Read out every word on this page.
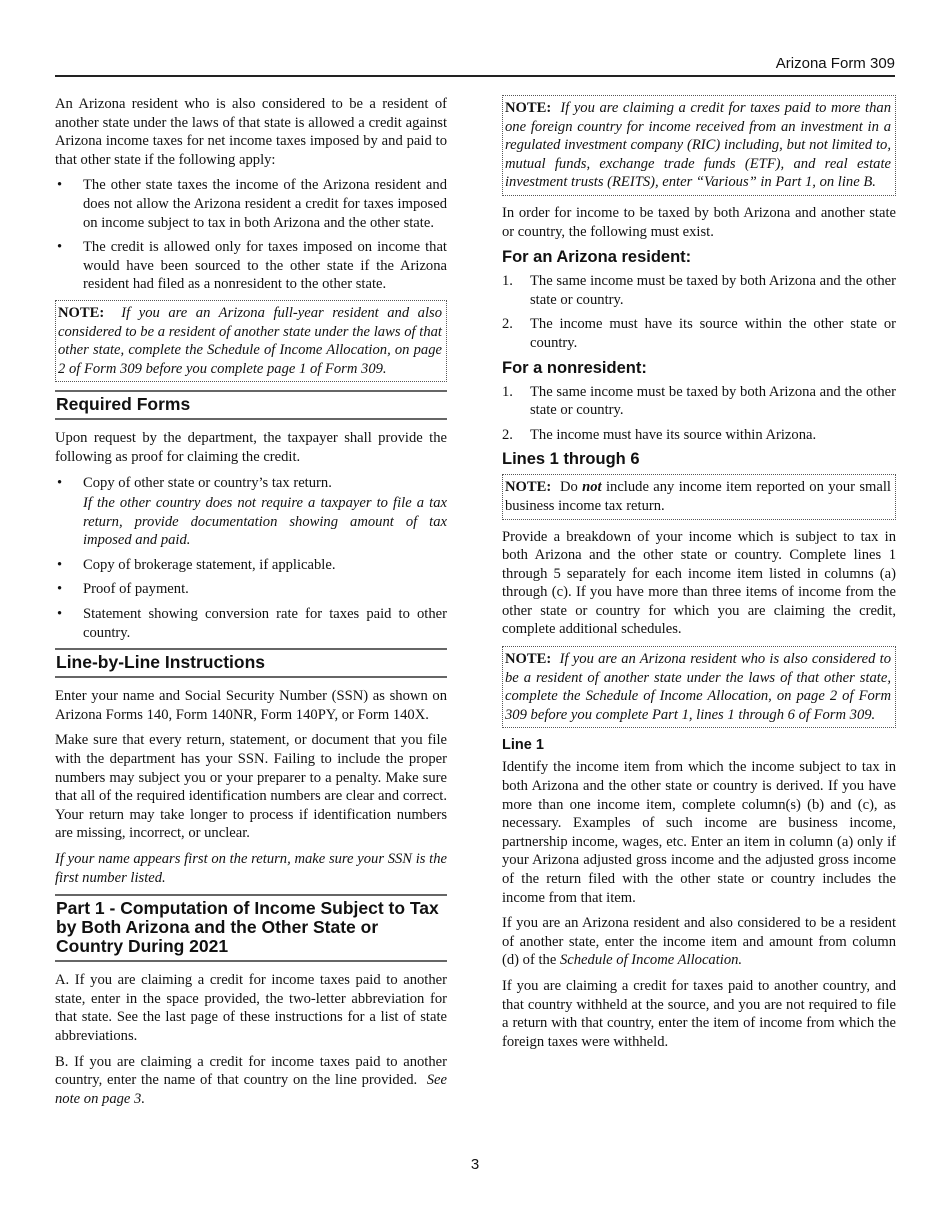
Arizona Form 309

An Arizona resident who is also considered to be a resident of another state under the laws of that state is allowed a credit against Arizona income taxes for net income taxes imposed by and paid to that other state if the following apply:

• The other state taxes the income of the Arizona resident and does not allow the Arizona resident a credit for taxes imposed on income subject to tax in both Arizona and the other state.
• The credit is allowed only for taxes imposed on income that would have been sourced to the other state if the Arizona resident had filed as a nonresident to the other state.
NOTE: If you are an Arizona full-year resident and also considered to be a resident of another state under the laws of that other state, complete the Schedule of Income Allocation, on page 2 of Form 309 before you complete page 1 of Form 309.
Required Forms

Upon request by the department, the taxpayer shall provide the following as proof for claiming the credit.

• Copy of other state or country’s tax return.
If the other country does not require a taxpayer to file a tax return, provide documentation showing amount of tax imposed and paid.
• Copy of brokerage statement, if applicable.
• Proof of payment.
• Statement showing conversion rate for taxes paid to other country.
Line-by-Line Instructions

Enter your name and Social Security Number (SSN) as shown on Arizona Forms 140, Form 140NR, Form 140PY, or Form 140X.

Make sure that every return, statement, or document that you file with the department has your SSN. Failing to include the proper numbers may subject you or your preparer to a penalty. Make sure that all of the required identification numbers are clear and correct. Your return may take longer to process if identification numbers are missing, incorrect, or unclear.

If your name appears first on the return, make sure your SSN is the first number listed.

Part 1 - Computation of Income Subject to Tax by Both Arizona and the Other State or Country During 2021

A. If you are claiming a credit for income taxes paid to another state, enter in the space provided, the two-letter abbreviation for that state. See the last page of these instructions for a list of state abbreviations.

B. If you are claiming a credit for income taxes paid to another country, enter the name of that country on the line provided. See note on page 3.

NOTE: If you are claiming a credit for taxes paid to more than one foreign country for income received from an investment in a regulated investment company (RIC) including, but not limited to, mutual funds, exchange trade funds (ETF), and real estate investment trusts (REITS), enter “Various” in Part 1, on line B.

In order for income to be taxed by both Arizona and another state or country, the following must exist.

For an Arizona resident:
1. The same income must be taxed by both Arizona and the other state or country.
2. The income must have its source within the other state or country.
For a nonresident:
1. The same income must be taxed by both Arizona and the other state or country.
2. The income must have its source within Arizona.
Lines 1 through 6
NOTE: Do not include any income item reported on your small business income tax return.

Provide a breakdown of your income which is subject to tax in both Arizona and the other state or country. Complete lines 1 through 5 separately for each income item listed in columns (a) through (c). If you have more than three items of income from the other state or country for which you are claiming the credit, complete additional schedules.

NOTE: If you are an Arizona resident who is also considered to be a resident of another state under the laws of that other state, complete the Schedule of Income Allocation, on page 2 of Form 309 before you complete Part 1, lines 1 through 6 of Form 309.
Line 1

Identify the income item from which the income subject to tax in both Arizona and the other state or country is derived. If you have more than one income item, complete column(s) (b) and (c), as necessary. Examples of such income are business income, partnership income, wages, etc. Enter an item in column (a) only if your Arizona adjusted gross income and the adjusted gross income of the return filed with the other state or country includes the income from that item.

If you are an Arizona resident and also considered to be a resident of another state, enter the income item and amount from column (d) of the Schedule of Income Allocation.

If you are claiming a credit for taxes paid to another country, and that country withheld at the source, and you are not required to file a return with that country, enter the item of income from which the foreign taxes were withheld.

3
